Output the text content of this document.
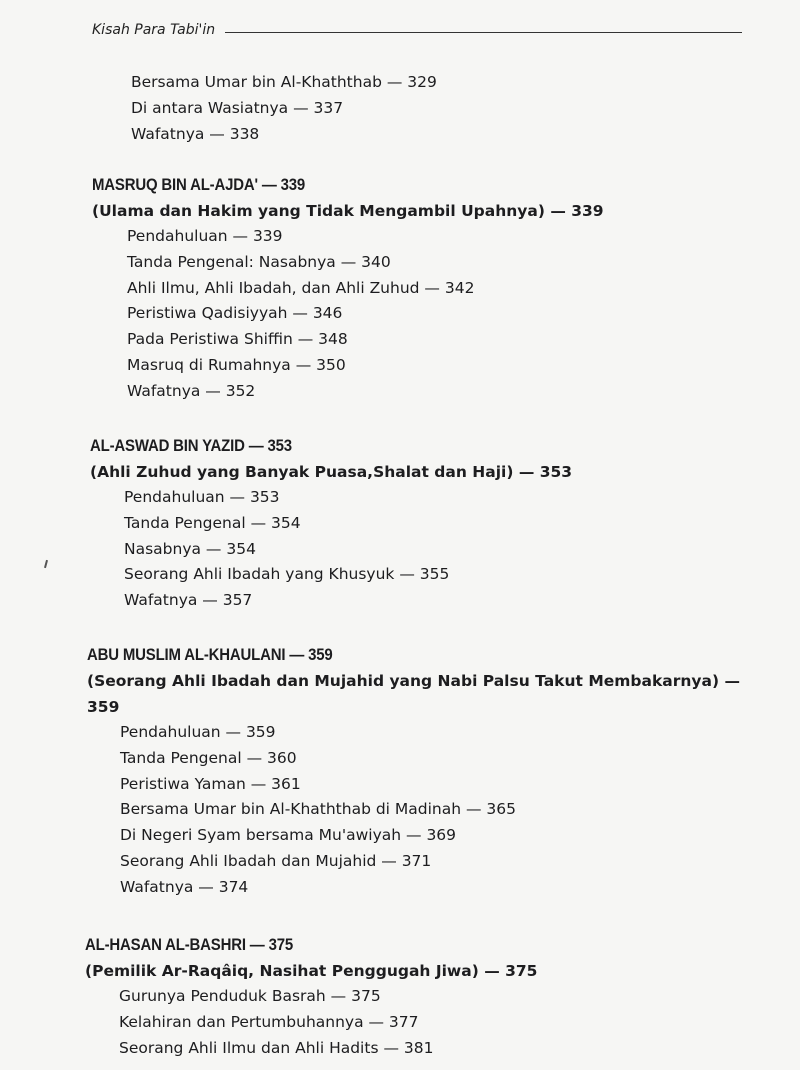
Kisah Para Tabi'in
Bersama Umar bin Al-Khaththab — 329
Di antara Wasiatnya — 337
Wafatnya — 338
MASRUQ BIN AL-AJDA' — 339
(Ulama dan Hakim yang Tidak Mengambil Upahnya) — 339
Pendahuluan — 339
Tanda Pengenal: Nasabnya — 340
Ahli Ilmu, Ahli Ibadah, dan Ahli Zuhud — 342
Peristiwa Qadisiyyah — 346
Pada Peristiwa Shiffin — 348
Masruq di Rumahnya — 350
Wafatnya — 352
AL-ASWAD BIN YAZID — 353
(Ahli Zuhud yang Banyak Puasa,Shalat dan Haji) — 353
Pendahuluan — 353
Tanda Pengenal — 354
Nasabnya — 354
Seorang Ahli Ibadah yang Khusyuk — 355
Wafatnya — 357
ABU MUSLIM AL-KHAULANI — 359
(Seorang Ahli Ibadah dan Mujahid yang Nabi Palsu Takut Membakarnya) — 359
Pendahuluan — 359
Tanda Pengenal — 360
Peristiwa Yaman — 361
Bersama Umar bin Al-Khaththab di Madinah — 365
Di Negeri Syam bersama Mu'awiyah — 369
Seorang Ahli Ibadah dan Mujahid — 371
Wafatnya — 374
AL-HASAN AL-BASHRI — 375
(Pemilik Ar-Raqâiq, Nasihat Penggugah Jiwa) — 375
Gurunya Penduduk Basrah — 375
Kelahiran dan Pertumbuhannya — 377
Seorang Ahli Ilmu dan Ahli Hadits — 381
